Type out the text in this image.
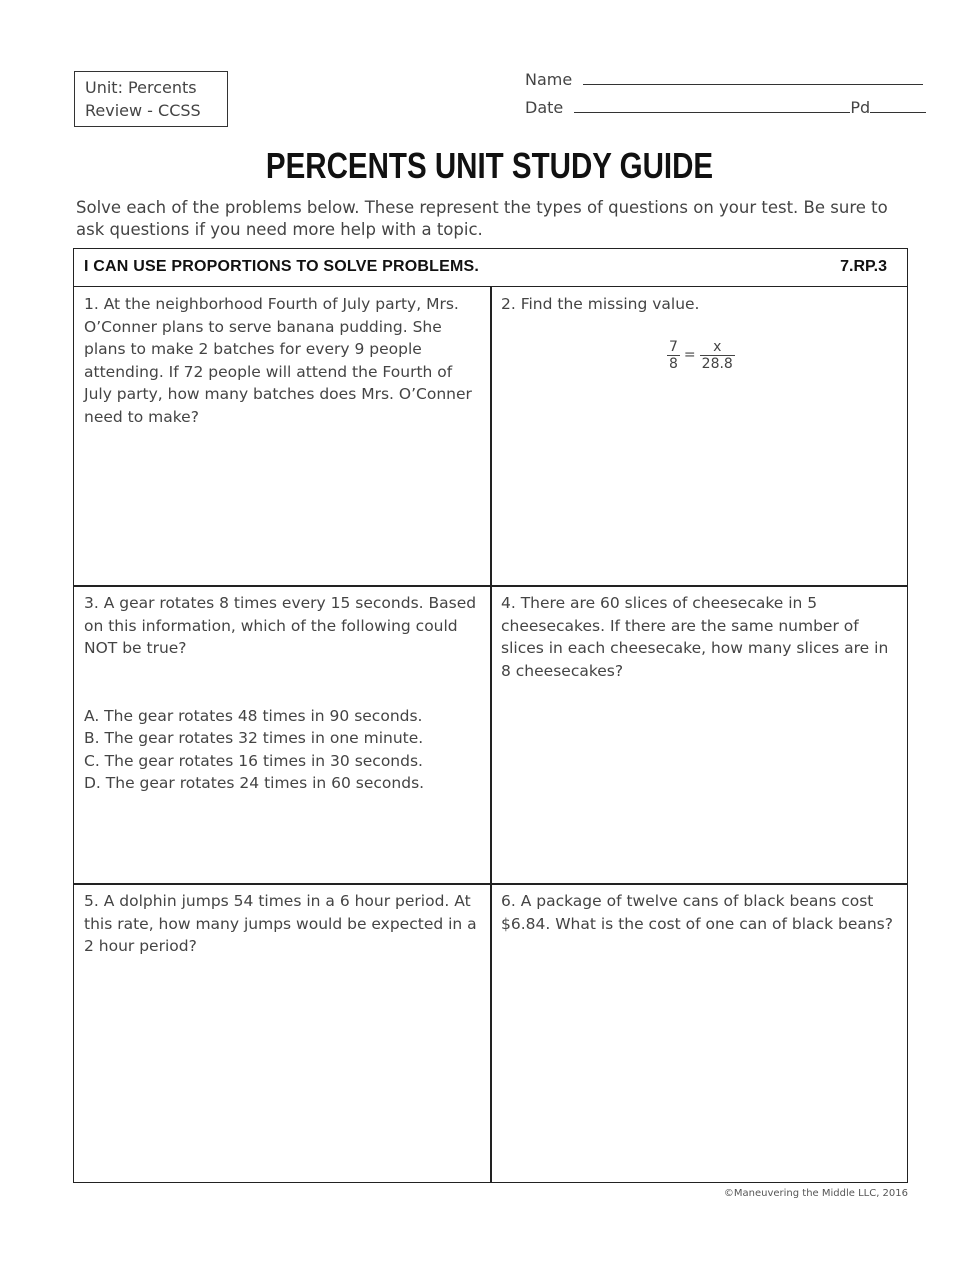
Unit: Percents
Review - CCSS
Name
Date	Pd
PERCENTS UNIT STUDY GUIDE
Solve each of the problems below. These represent the types of questions on your test. Be sure to ask questions if you need more help with a topic.
I CAN USE PROPORTIONS TO SOLVE PROBLEMS.	7.RP.3
1. At the neighborhood Fourth of July party, Mrs. O’Conner plans to serve banana pudding. She plans to make 2 batches for every 9 people attending. If 72 people will attend the Fourth of July party, how many batches does Mrs. O’Conner need to make?
2. Find the missing value.
$\frac{7}{8} = \frac{x}{28.8}$
3. A gear rotates 8 times every 15 seconds. Based on this information, which of the following could NOT be true?
A. The gear rotates 48 times in 90 seconds.
B. The gear rotates 32 times in one minute.
C. The gear rotates 16 times in 30 seconds.
D. The gear rotates 24 times in 60 seconds.
4. There are 60 slices of cheesecake in 5 cheesecakes. If there are the same number of slices in each cheesecake, how many slices are in 8 cheesecakes?
5. A dolphin jumps 54 times in a 6 hour period. At this rate, how many jumps would be expected in a 2 hour period?
6. A package of twelve cans of black beans cost $6.84. What is the cost of one can of black beans?
©Maneuvering the Middle LLC, 2016
